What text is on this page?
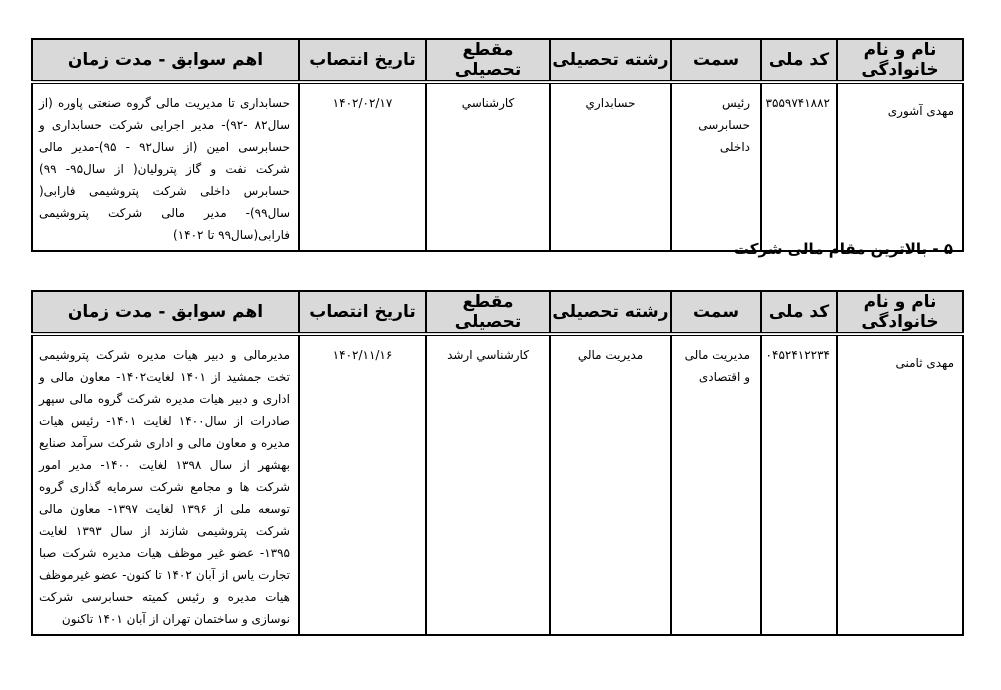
نام و نام خانوادگی	کد ملی	سمت	رشته تحصیلی	مقطع تحصیلی	تاریخ انتصاب	اهم سوابق - مدت زمان
مهدی آشوری	۳۵۵۹۷۴۱۸۸۲	رئیس حسابرسی داخلی	حسابداري	كارشناسي	۱۴۰۲/۰۲/۱۷	حسابداری تا مدیریت مالی گروه صنعتی پاوره (از سال۸۲ -۹۲)- مدیر اجرایی شرکت حسابداری و حسابرسی امین (از سال۹۲ - ۹۵)-مدیر مالی شرکت نفت و گاز پترولیان( از سال۹۵- ۹۹) حسابرس داخلی شرکت پتروشیمی فارابی( سال۹۹)- مدیر مالی شرکت پتروشیمی فارابی(سال۹۹ تا ۱۴۰۲)
۵ - بالاترین مقام مالی شرکت
نام و نام خانوادگی	کد ملی	سمت	رشته تحصیلی	مقطع تحصیلی	تاریخ انتصاب	اهم سوابق - مدت زمان
مهدی ثامنی	۰۴۵۲۴۱۲۲۳۴	مدیریت مالی و اقتصادی	مديريت مالي	كارشناسي ارشد	۱۴۰۲/۱۱/۱۶	مدیرمالی و دبیر هیات مدیره شرکت پتروشیمی تخت جمشید از ۱۴۰۱ لغایت۱۴۰۲- معاون مالی و اداری و دبیر هیات مدیره شرکت گروه مالی سپهر صادرات از سال۱۴۰۰ لغایت ۱۴۰۱- رئیس هیات مدیره و معاون مالی و اداری شرکت سرآمد صنایع بهشهر از سال ۱۳۹۸ لغایت ۱۴۰۰- مدیر امور شرکت ها و مجامع شرکت سرمایه گذاری گروه توسعه ملی از ۱۳۹۶ لغایت ۱۳۹۷- معاون مالی شرکت پتروشیمی شازند از سال ۱۳۹۳ لغایت ۱۳۹۵- عضو غیر موظف هیات مدیره شرکت صبا تجارت یاس از آبان ۱۴۰۲ تا کنون- عضو غیرموظف هیات مدیره و رئیس کمیته حسابرسی شرکت نوسازی و ساختمان تهران از آبان ۱۴۰۱ تاکنون
